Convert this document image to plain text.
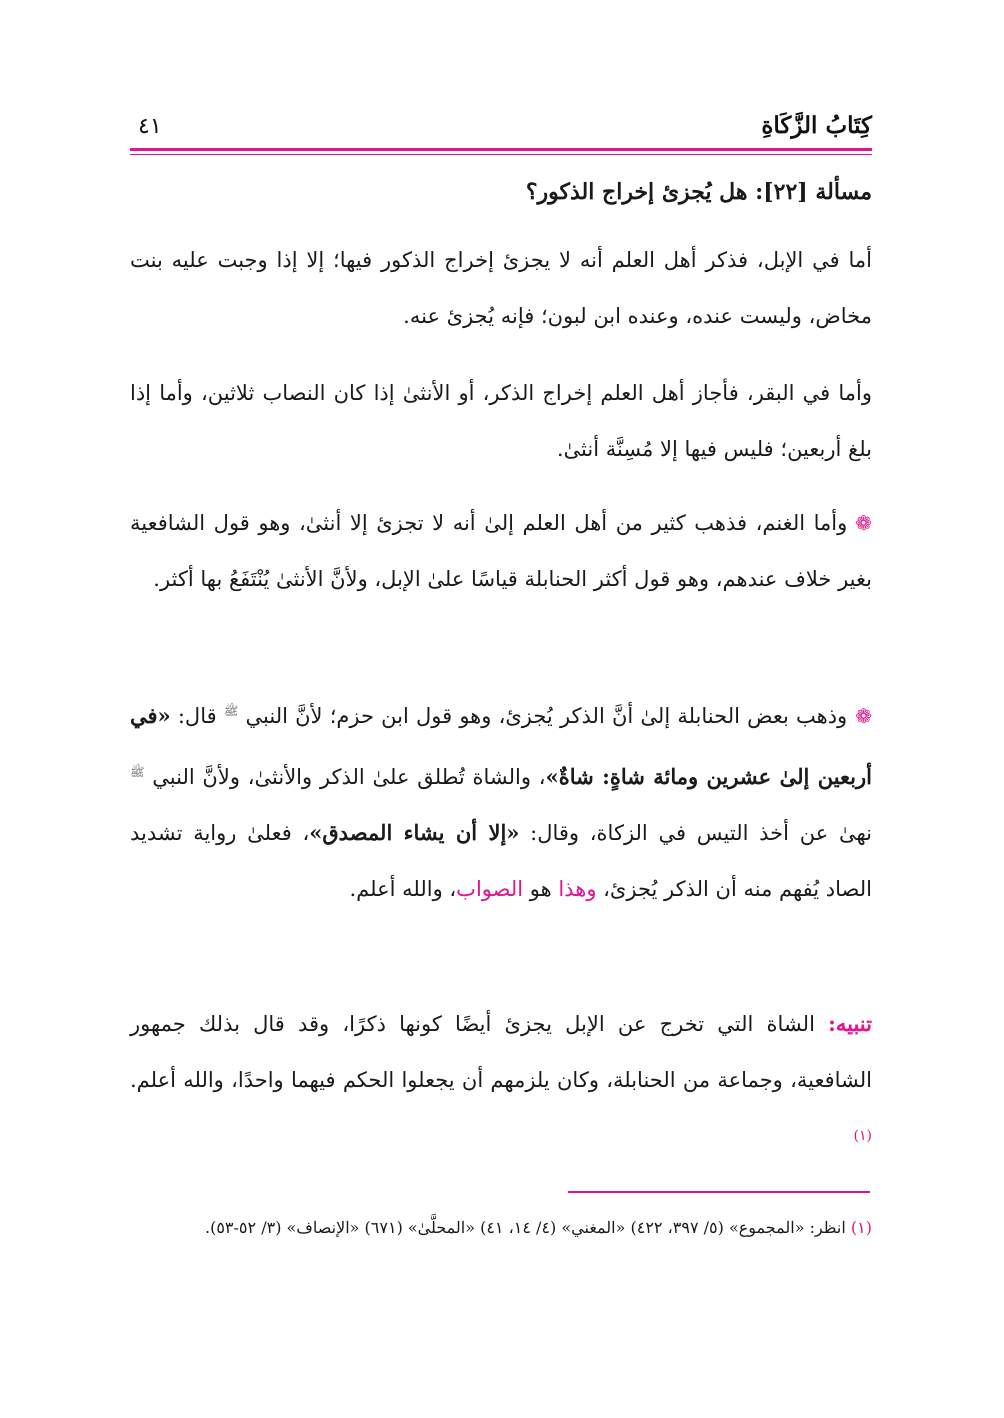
كِتَابُ الزَّكَاةِ
٤١
مسألة [٢٢]: هل يُجزئ إخراج الذكور؟

أما في الإبل، فذكر أهل العلم أنه لا يجزئ إخراج الذكور فيها؛ إلا إذا وجبت عليه بنت مخاض، وليست عنده، وعنده ابن لبون؛ فإنه يُجزئ عنه.

وأما في البقر، فأجاز أهل العلم إخراج الذكر، أو الأنثىٰ إذا كان النصاب ثلاثين، وأما إذا بلغ أربعين؛ فليس فيها إلا مُسِنَّة أنثىٰ.

❁وأما الغنم، فذهب كثير من أهل العلم إلىٰ أنه لا تجزئ إلا أنثىٰ، وهو قول الشافعية بغير خلاف عندهم، وهو قول أكثر الحنابلة قياسًا علىٰ الإبل، ولأنَّ الأنثىٰ يُنْتَفَعُ بها أكثر.

❁وذهب بعض الحنابلة إلىٰ أنَّ الذكر يُجزئ، وهو قول ابن حزم؛ لأنَّ النبي $^ﷺ$ قال: «في أربعين إلىٰ عشرين ومائة شاةٍ: شاةٌ»، والشاة تُطلق علىٰ الذكر والأنثىٰ، ولأنَّ النبي $^ﷺ$ نهىٰ عن أخذ التيس في الزكاة، وقال: «إلا أن يشاء المصدق»، فعلىٰ رواية تشديد الصاد يُفهم منه أن الذكر يُجزئ، وهذا هو الصواب، والله أعلم.

تنبيه: الشاة التي تخرج عن الإبل يجزئ أيضًا كونها ذكرًا، وقد قال بذلك جمهور الشافعية، وجماعة من الحنابلة، وكان يلزمهم أن يجعلوا الحكم فيهما واحدًا، والله أعلم.$^{(١)}$

(١) انظر: «المجموع» (٥/ ٣٩٧، ٤٢٢) «المغني» (٤/ ١٤، ٤١) «المحلَّىٰ» (٦٧١) «الإنصاف» (٣/ ٥٢-٥٣).
